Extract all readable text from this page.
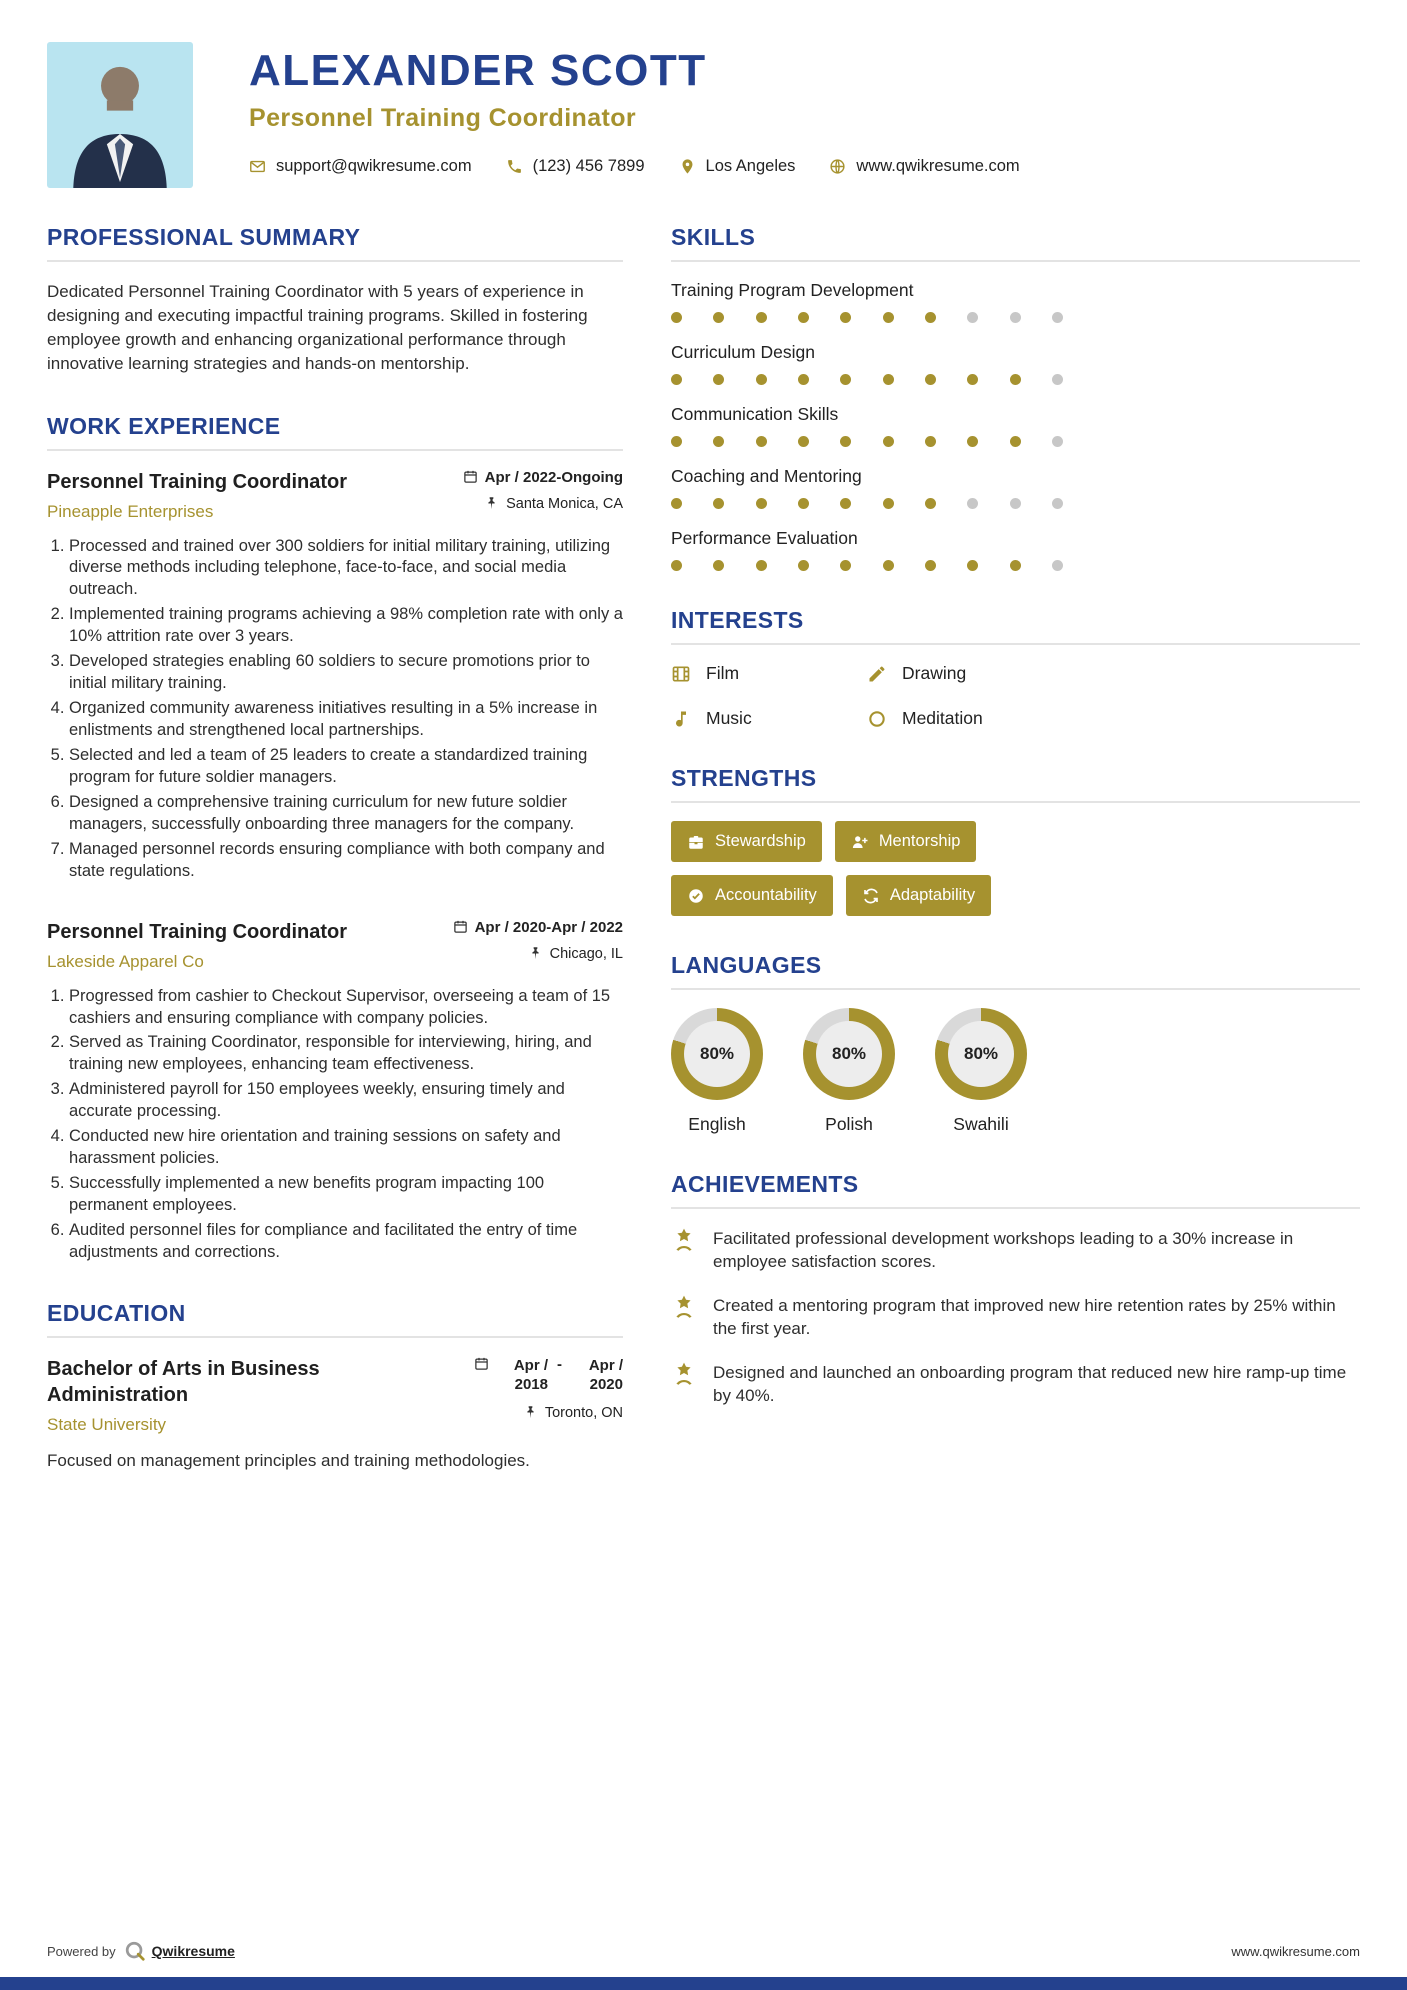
ALEXANDER SCOTT
Personnel Training Coordinator
support@qwikresume.com	(123) 456 7899	Los Angeles	www.qwikresume.com
PROFESSIONAL SUMMARY

Dedicated Personnel Training Coordinator with 5 years of experience in designing and executing impactful training programs. Skilled in fostering employee growth and enhancing organizational performance through innovative learning strategies and hands-on mentorship.

WORK EXPERIENCE
Personnel Training Coordinator
Pineapple Enterprises
Apr / 2022-Ongoing
Santa Monica, CA
1. Processed and trained over 300 soldiers for initial military training, utilizing diverse methods including telephone, face-to-face, and social media outreach.
2. Implemented training programs achieving a 98% completion rate with only a 10% attrition rate over 3 years.
3. Developed strategies enabling 60 soldiers to secure promotions prior to initial military training.
4. Organized community awareness initiatives resulting in a 5% increase in enlistments and strengthened local partnerships.
5. Selected and led a team of 25 leaders to create a standardized training program for future soldier managers.
6. Designed a comprehensive training curriculum for new future soldier managers, successfully onboarding three managers for the company.
7. Managed personnel records ensuring compliance with both company and state regulations.
Personnel Training Coordinator
Lakeside Apparel Co
Apr / 2020-Apr / 2022
Chicago, IL
1. Progressed from cashier to Checkout Supervisor, overseeing a team of 15 cashiers and ensuring compliance with company policies.
2. Served as Training Coordinator, responsible for interviewing, hiring, and training new employees, enhancing team effectiveness.
3. Administered payroll for 150 employees weekly, ensuring timely and accurate processing.
4. Conducted new hire orientation and training sessions on safety and harassment policies.
5. Successfully implemented a new benefits program impacting 100 permanent employees.
6. Audited personnel files for compliance and facilitated the entry of time adjustments and corrections.
EDUCATION
Bachelor of Arts in Business Administration
State University
Apr / 2018
-	Apr / 2020
Toronto, ON

Focused on management principles and training methodologies.

SKILLS
Training Program Development
Curriculum Design
Communication Skills
Coaching and Mentoring
Performance Evaluation
INTERESTS
Film	Drawing
Music	Meditation
STRENGTHS
Stewardship	Mentorship
Accountability	Adaptability
LANGUAGES
80%
English
80%
Polish
80%
Swahili
ACHIEVEMENTS
Facilitated professional development workshops leading to a 30% increase in employee satisfaction scores.
Created a mentoring program that improved new hire retention rates by 25% within the first year.
Designed and launched an onboarding program that reduced new hire ramp-up time by 40%.
Powered by	Qwikresume	www.qwikresume.com
